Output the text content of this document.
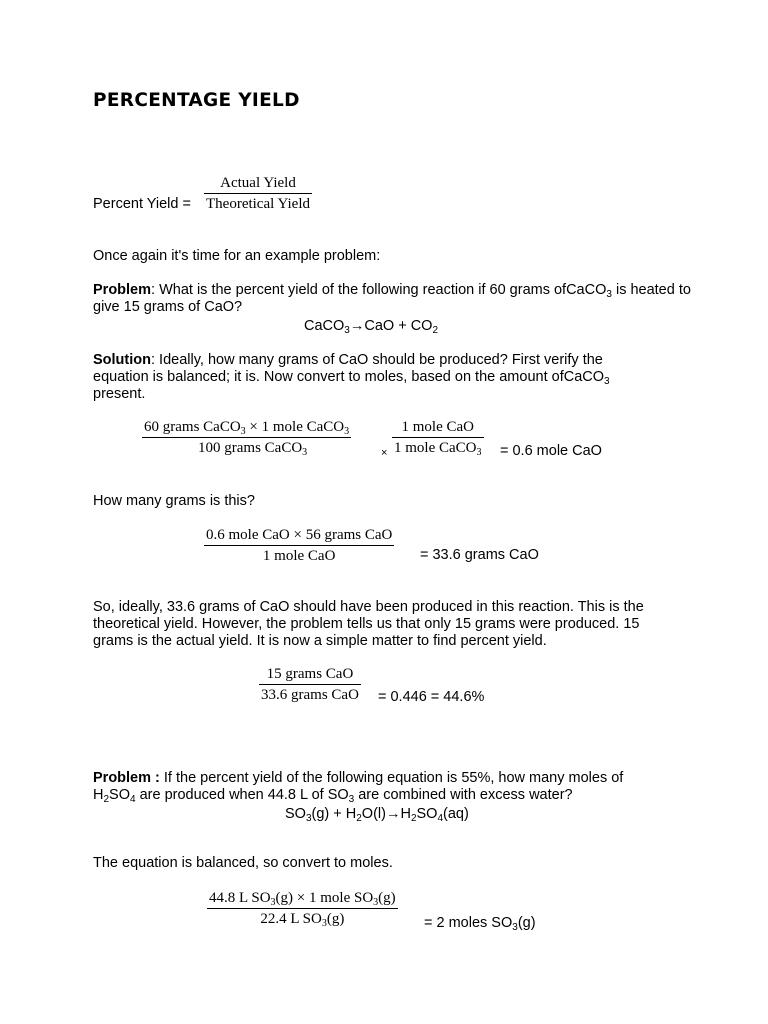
PERCENTAGE YIELD
Percent Yield =
Actual Yield
Theoretical Yield
Once again it's time for an example problem:
Problem: What is the percent yield of the following reaction if 60 grams ofCaCO$_3$ is heated to give 15 grams of CaO?
CaCO$_3$→CaO + $CO_2$
Solution: Ideally, how many grams of CaO should be produced? First verify the equation is balanced; it is. Now convert to moles, based on the amount ofCaCO$_3$ present.
60 grams CaCO$_3$ × 1 mole CaCO$_3$
100 grams CaCO$_3$	×
1 mole CaO
1 mole CaCO$_3$ = 0.6 mole CaO
How many grams is this?
0.6 mole CaO × 56 grams CaO
1 mole CaO	= 33.6 grams CaO
So, ideally, 33.6 grams of CaO should have been produced in this reaction. This is the theoretical yield. However, the problem tells us that only 15 grams were produced. 15 grams is the actual yield. It is now a simple matter to find percent yield.
15 grams CaO
33.6 grams CaO = 0.446 = 44.6%
Problem : If the percent yield of the following equation is 55%, how many moles of $H_2SO_4$ are produced when 44.8 L of $SO_3$ are combined with excess water?
$SO_3(g) + H_2O(l)\to H_2SO_4(aq)$
The equation is balanced, so convert to moles.
44.8 L $SO_3(g) \times 1$ mole $SO_3(g)$
22.4 L $SO_3(g)$	= 2 moles $SO_3(g)$
